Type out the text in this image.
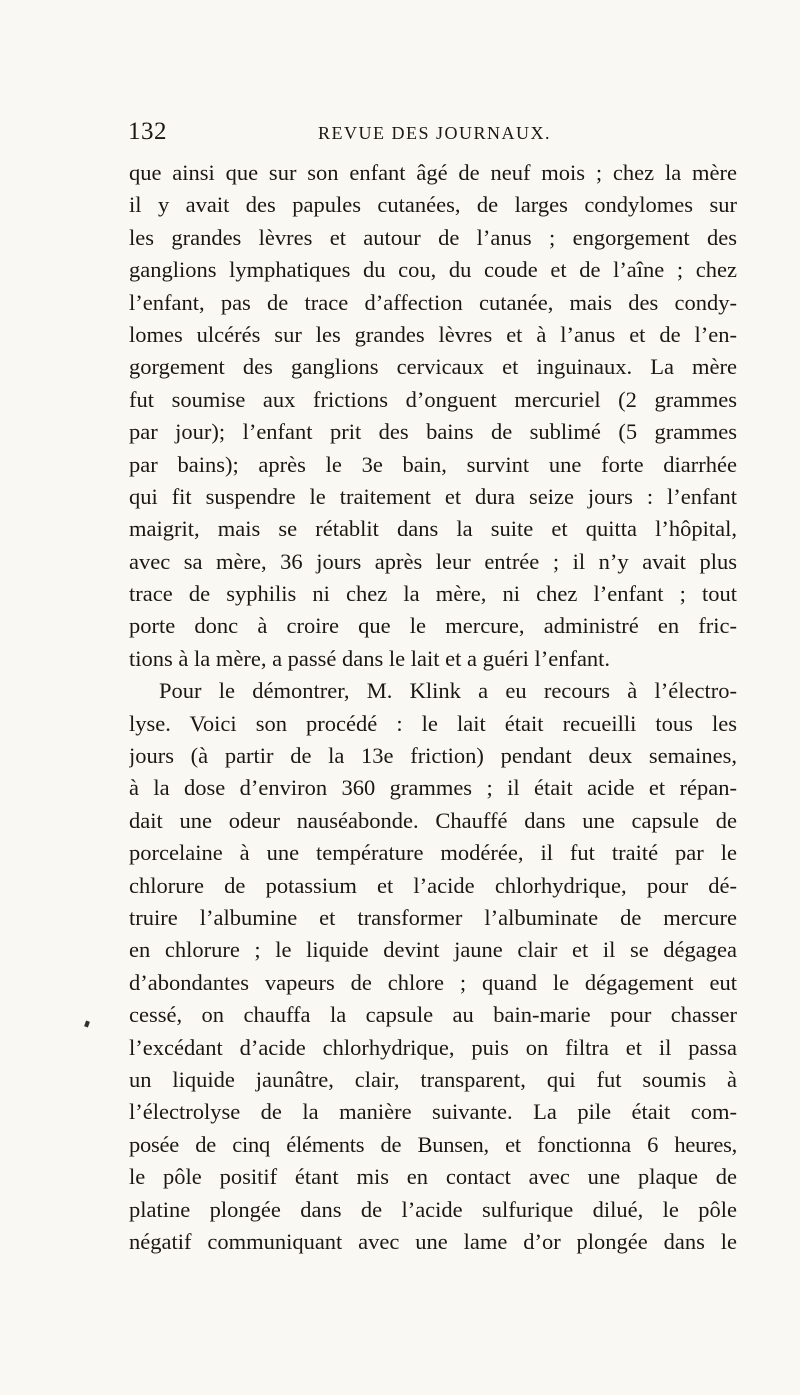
132	REVUE DES JOURNAUX.
que ainsi que sur son enfant âgé de neuf mois ; chez la mère
il y avait des papules cutanées, de larges condylomes sur
les grandes lèvres et autour de l’anus ; engorgement des
ganglions lymphatiques du cou, du coude et de l’aîne ; chez
l’enfant, pas de trace d’affection cutanée, mais des condy-
lomes ulcérés sur les grandes lèvres et à l’anus et de l’en-
gorgement des ganglions cervicaux et inguinaux. La mère
fut soumise aux frictions d’onguent mercuriel (2 grammes
par jour); l’enfant prit des bains de sublimé (5 grammes
par bains); après le 3e bain, survint une forte diarrhée
qui fit suspendre le traitement et dura seize jours : l’enfant
maigrit, mais se rétablit dans la suite et quitta l’hôpital,
avec sa mère, 36 jours après leur entrée ; il n’y avait plus
trace de syphilis ni chez la mère, ni chez l’enfant ; tout
porte donc à croire que le mercure, administré en fric-
tions à la mère, a passé dans le lait et a guéri l’enfant.
Pour le démontrer, M. Klink a eu recours à l’électro-
lyse. Voici son procédé : le lait était recueilli tous les
jours (à partir de la 13e friction) pendant deux semaines,
à la dose d’environ 360 grammes ; il était acide et répan-
dait une odeur nauséabonde. Chauffé dans une capsule de
porcelaine à une température modérée, il fut traité par le
chlorure de potassium et l’acide chlorhydrique, pour dé-
truire l’albumine et transformer l’albuminate de mercure
en chlorure ; le liquide devint jaune clair et il se dégagea
d’abondantes vapeurs de chlore ; quand le dégagement eut
cessé, on chauffa la capsule au bain-marie pour chasser
l’excédant d’acide chlorhydrique, puis on filtra et il passa
un liquide jaunâtre, clair, transparent, qui fut soumis à
l’électrolyse de la manière suivante. La pile était com-
posée de cinq éléments de Bunsen, et fonctionna 6 heures,
le pôle positif étant mis en contact avec une plaque de
platine plongée dans de l’acide sulfurique dilué, le pôle
négatif communiquant avec une lame d’or plongée dans le
